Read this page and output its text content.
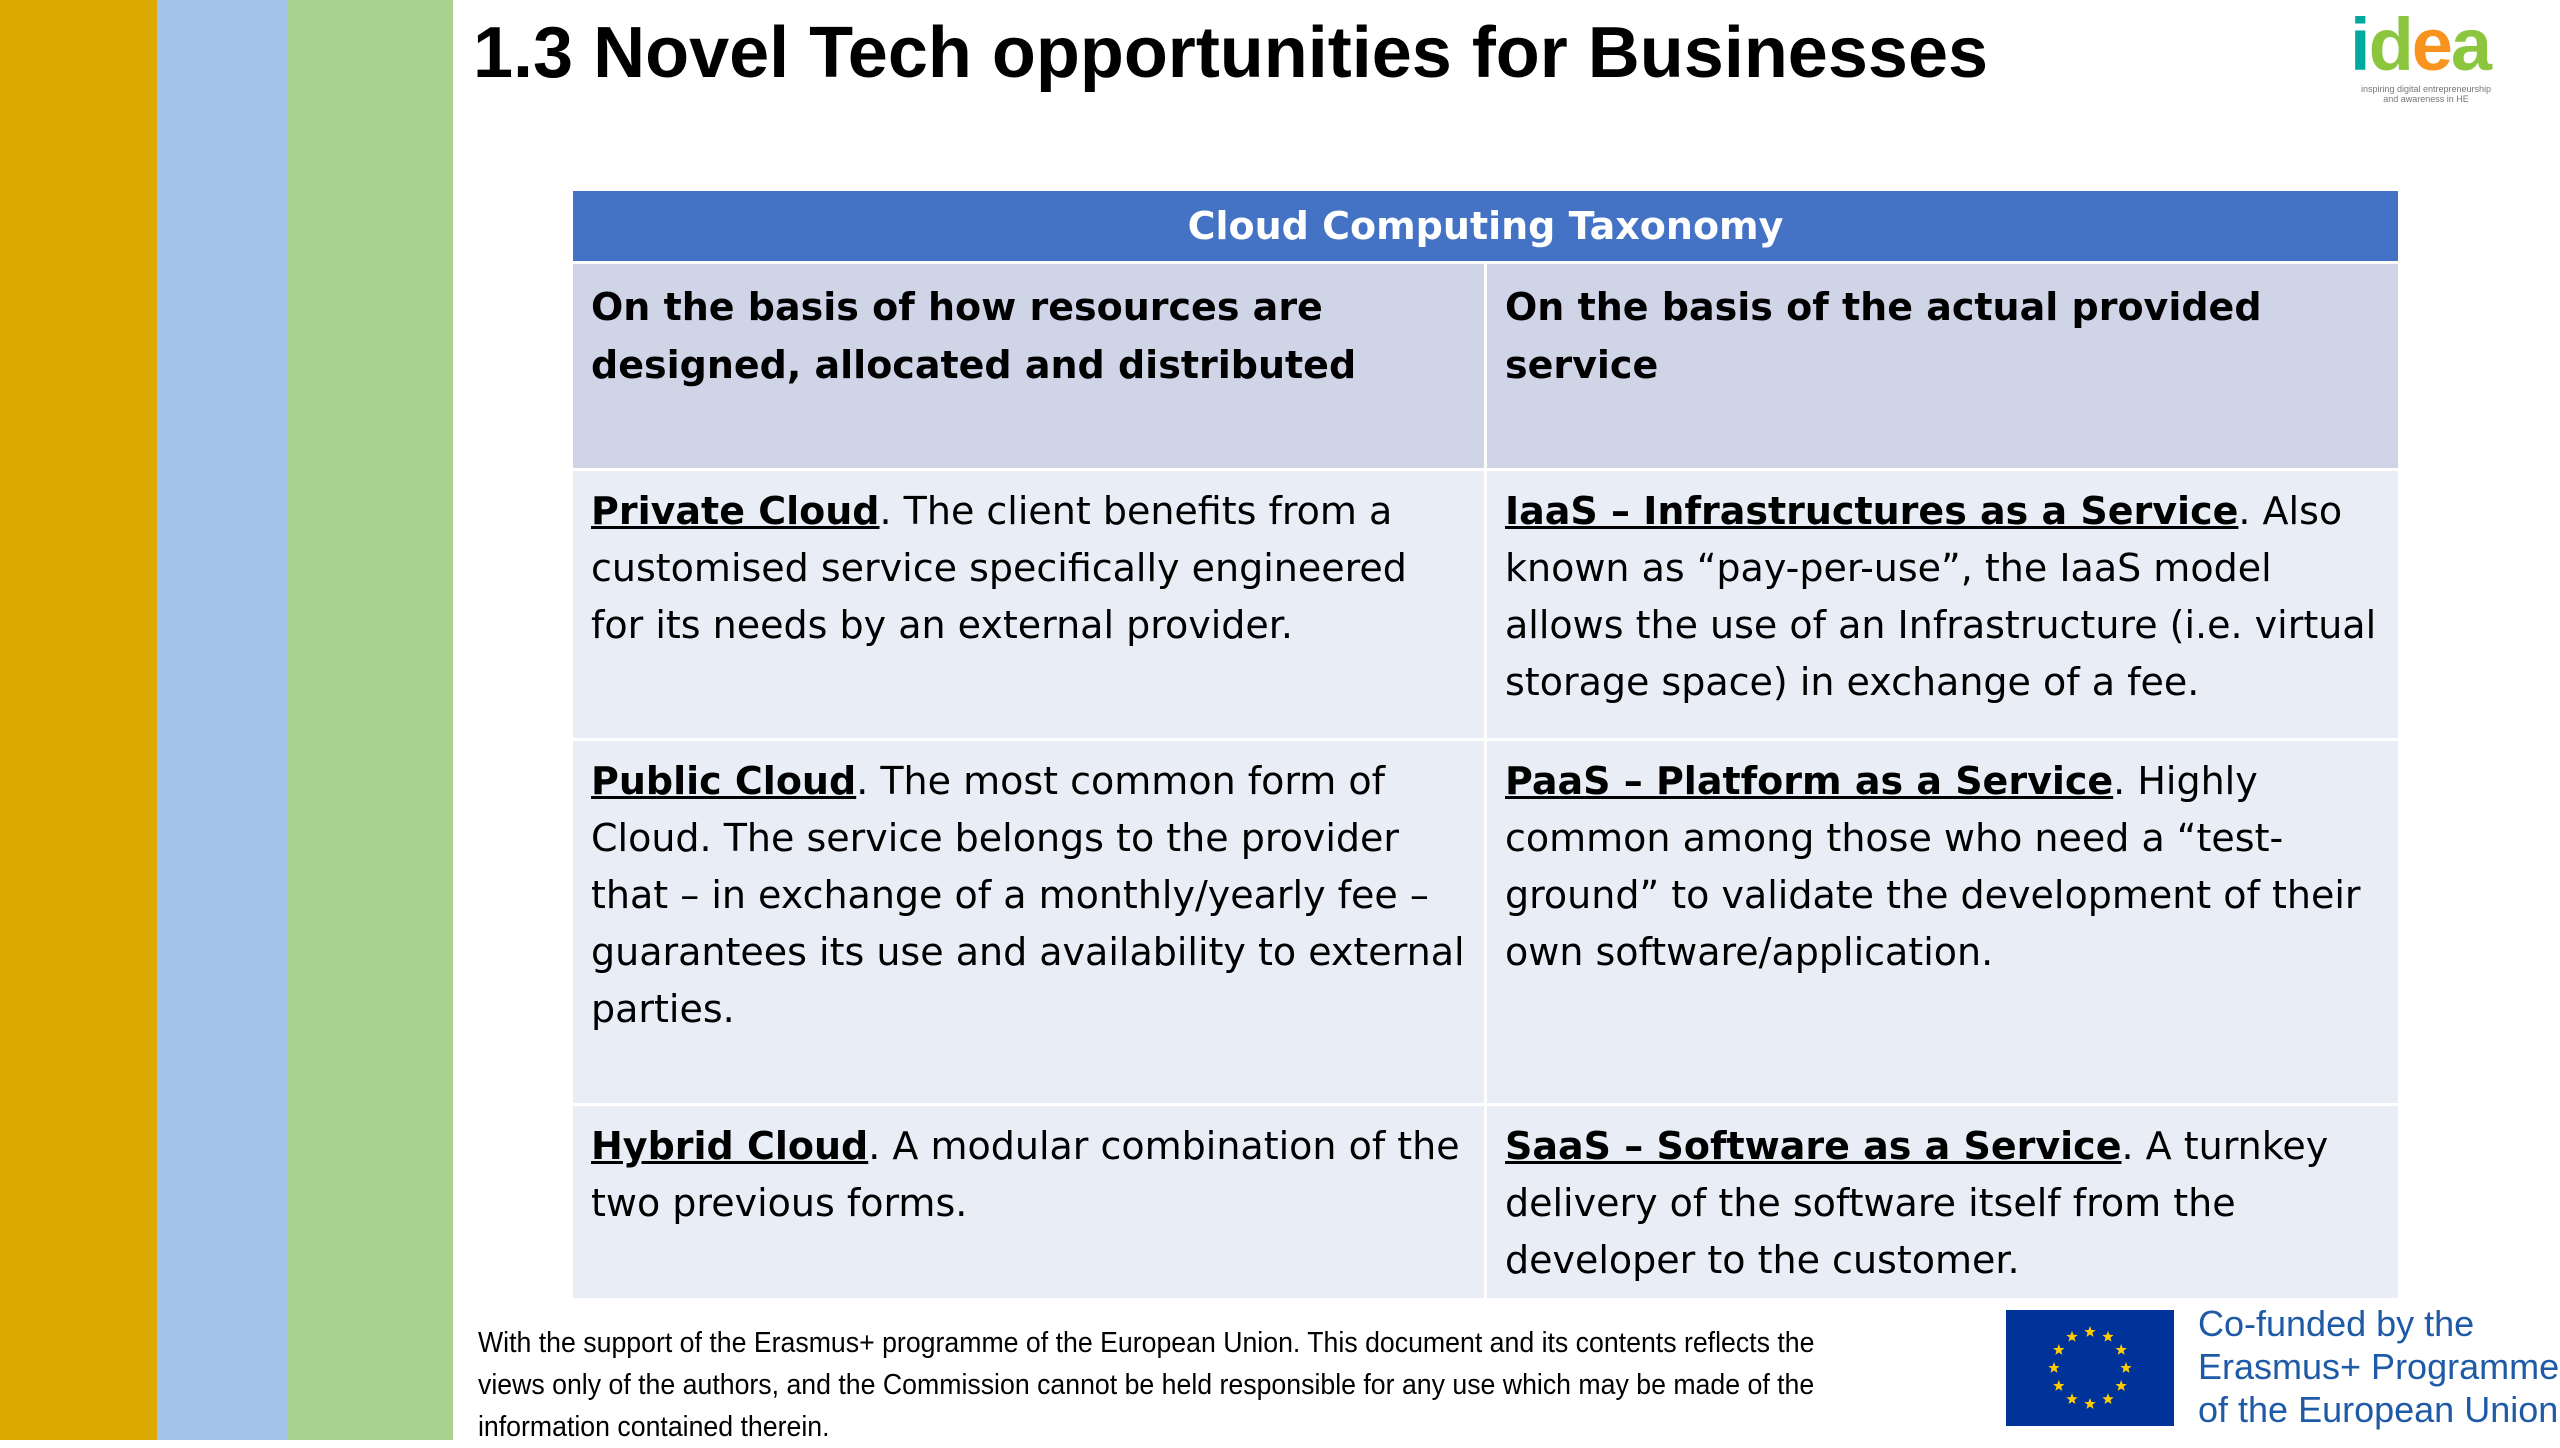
1.3 Novel Tech opportunities for Businesses	idea
inspiring digital entrepreneurship and awareness in HE
Cloud Computing Taxonomy	
On the basis of how resources are designed, allocated and distributed	On the basis of the actual provided service
Private Cloud. The client benefits from a customised service specifically engineered for its needs by an external provider.	IaaS – Infrastructures as a Service. Also known as “pay-per-use”, the IaaS model allows the use of an Infrastructure (i.e. virtual storage space) in exchange of a fee.
Public Cloud. The most common form of Cloud. The service belongs to the provider that – in exchange of a monthly/yearly fee – guarantees its use and availability to external parties.	PaaS – Platform as a Service. Highly common among those who need a “test-ground” to validate the development of their own software/application.
Hybrid Cloud. A modular combination of the two previous forms.	SaaS – Software as a Service. A turnkey delivery of the software itself from the developer to the customer.
With the support of the Erasmus+ programme of the European Union. This document and its contents reflects the views only of the authors, and the Commission cannot be held responsible for any use which may be made of the information contained therein.
Co-funded by the
Erasmus+ Programme
of the European Union
